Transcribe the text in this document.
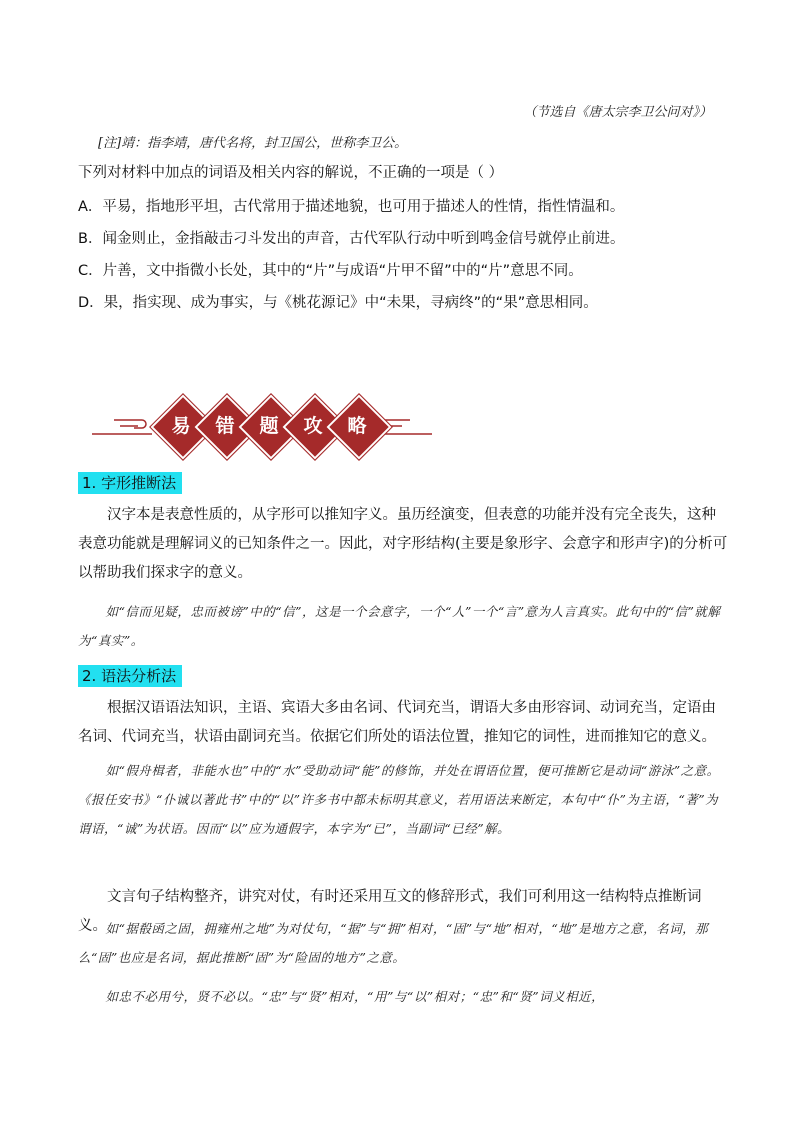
（节选自《唐太宗李卫公问对》）
[注]靖：指李靖，唐代名将，封卫国公，世称李卫公。
下列对材料中加点的词语及相关内容的解说，不正确的一项是（ ）
A．平易，指地形平坦，古代常用于描述地貌，也可用于描述人的性情，指性情温和。
B．闻金则止，金指敲击刁斗发出的声音，古代军队行动中听到鸣金信号就停止前进。
C．片善，文中指微小长处，其中的“片”与成语“片甲不留”中的“片”意思不同。
D．果，指实现、成为事实，与《桃花源记》中“未果，寻病终”的“果”意思相同。
易	错	题	攻	略
1. 字形推断法

汉字本是表意性质的，从字形可以推知字义。虽历经演变，但表意的功能并没有完全丧失，这种表意功能就是理解词义的已知条件之一。因此，对字形结构(主要是象形字、会意字和形声字)的分析可以帮助我们探求字的意义。

如“信而见疑，忠而被谤”中的“信”，这是一个会意字，一个“人”一个“言”意为人言真实。此句中的“信”就解为“真实”。

2. 语法分析法

根据汉语语法知识，主语、宾语大多由名词、代词充当，谓语大多由形容词、动词充当，定语由名词、代词充当，状语由副词充当。依据它们所处的语法位置，推知它的词性，进而推知它的意义。

如“假舟楫者，非能水也”中的“水”受助动词“能”的修饰，并处在谓语位置，便可推断它是动词“游泳”之意。《报任安书》“仆诚以著此书”中的“以”许多书中都未标明其意义，若用语法来断定，本句中“仆”为主语，“著”为谓语，“诚”为状语。因而“以”应为通假字，本字为“已”，当副词“已经”解。

文言句子结构整齐，讲究对仗，有时还采用互文的修辞形式，我们可利用这一结构特点推断词义。

如“据殽函之固，拥雍州之地”为对仗句，“据”与“拥”相对，“固”与“地”相对，“地”是地方之意，名词，那么“固”也应是名词，据此推断“固”为“险固的地方”之意。

如忠不必用兮，贤不必以。“忠”与“贤”相对，“用”与“以”相对；“忠”和“贤”词义相近，
